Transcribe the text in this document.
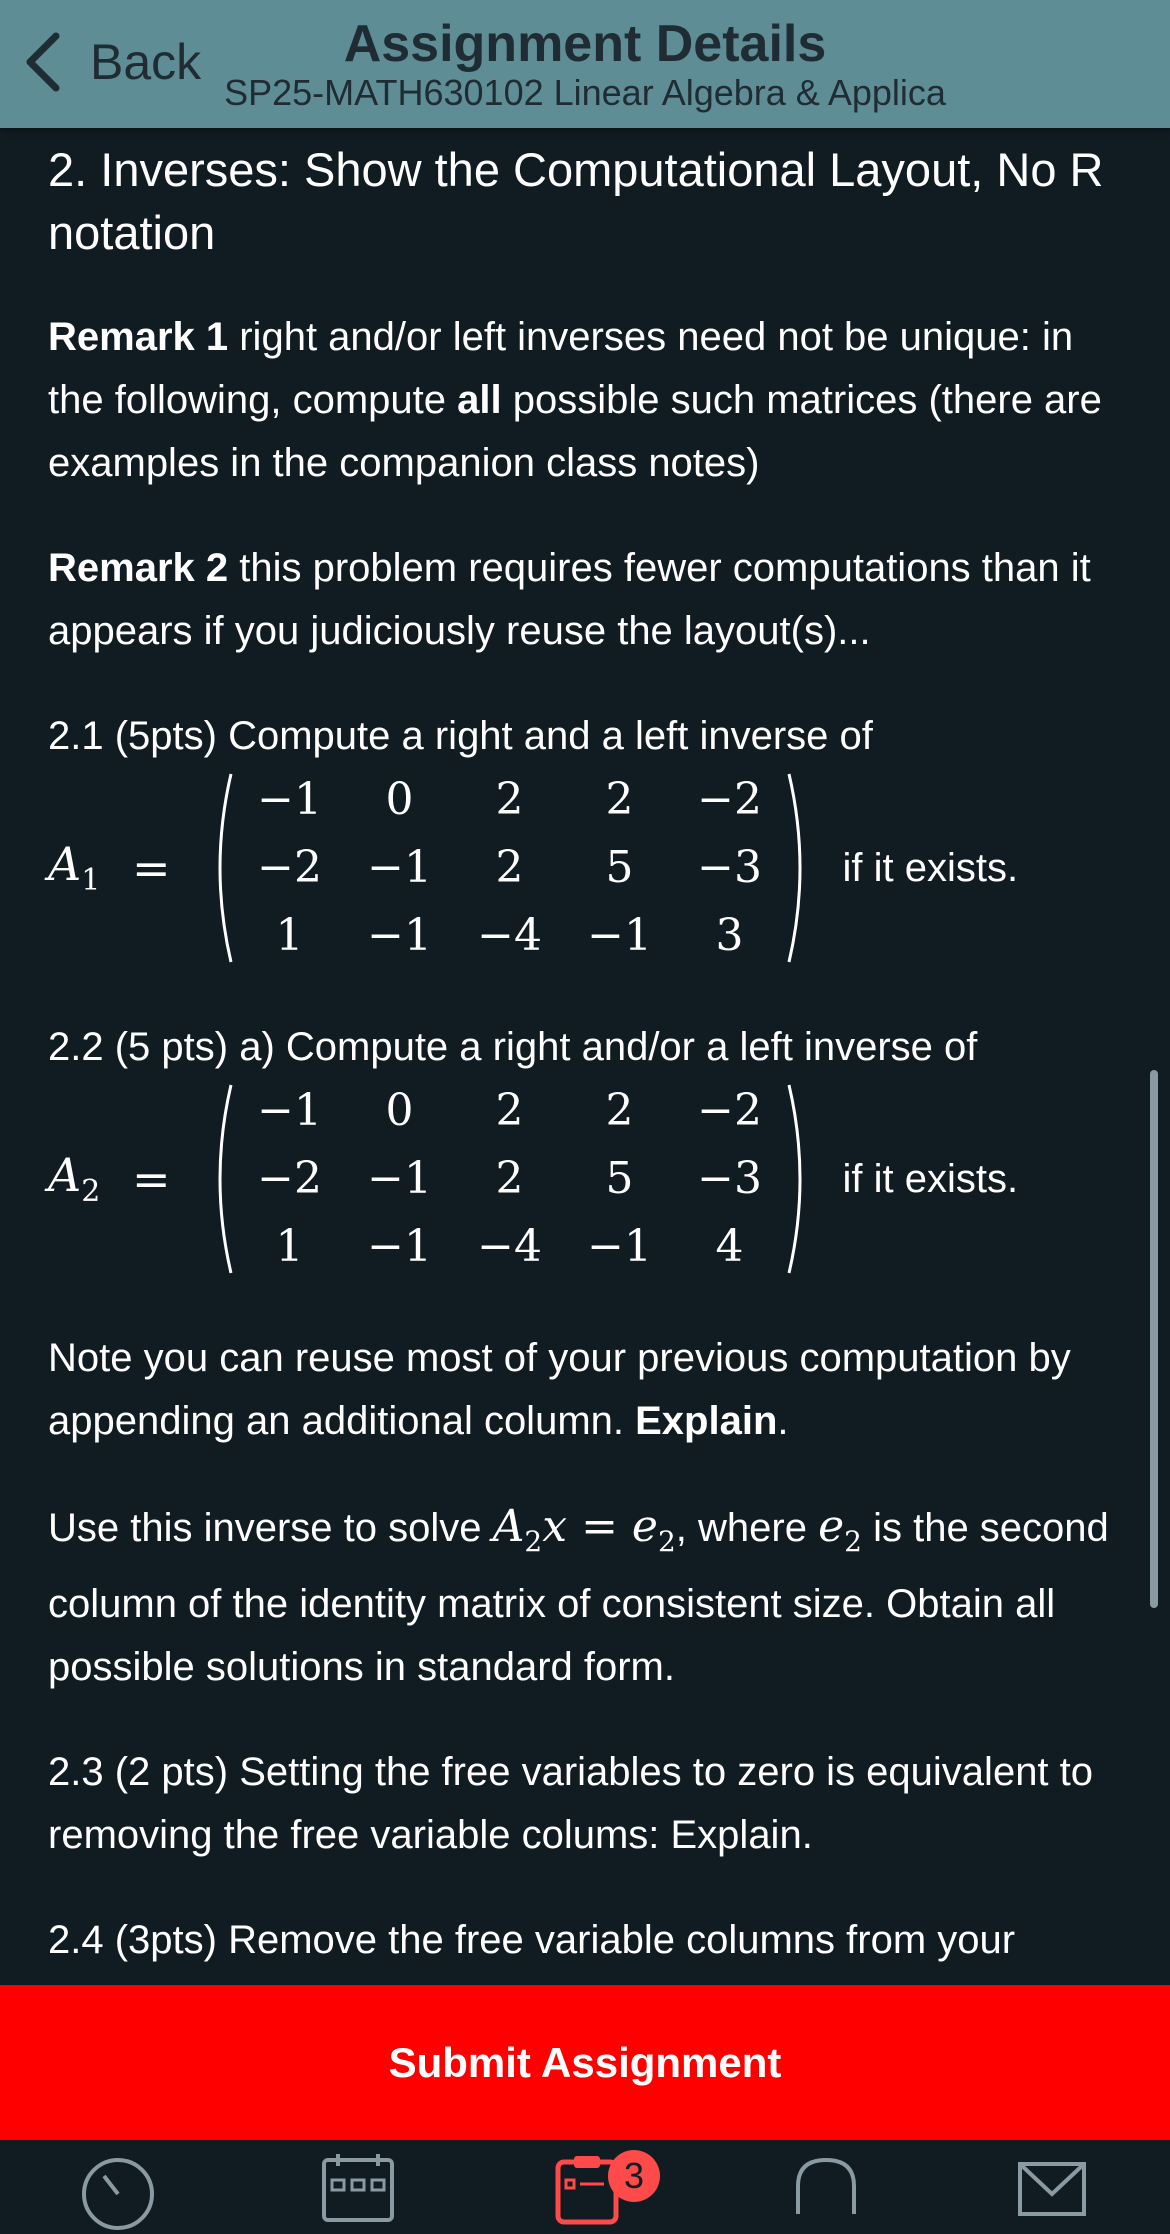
Back	Assignment Details
SP25-MATH630102 Linear Algebra & Applica
2. Inverses: Show the Computational Layout, No R notation

Remark 1 right and/or left inverses need not be unique: in the following, compute all possible such matrices (there are examples in the companion class notes)

Remark 2 this problem requires fewer computations than it appears if you judiciously reuse the layout(s)...

2.1 (5pts) Compute a right and a left inverse of

$A_1$ =
−1	0	2	2	−2
−2	−1	2	5	−3
1	−1	−4	−1	3
if it exists.

2.2 (5 pts) a) Compute a right and/or a left inverse of

$A_2$ =
−1	0	2	2	−2
−2	−1	2	5	−3
1	−1	−4	−1	4
if it exists.

Note you can reuse most of your previous computation by appending an additional column. Explain.

Use this inverse to solve $A_2x = e_2$, where $e_2$ is the second column of the identity matrix of consistent size. Obtain all possible solutions in standard form.

2.3 (2 pts) Setting the free variables to zero is equivalent to removing the free variable colums: Explain.

2.4 (3pts) Remove the free variable columns from your

Submit Assignment
3
